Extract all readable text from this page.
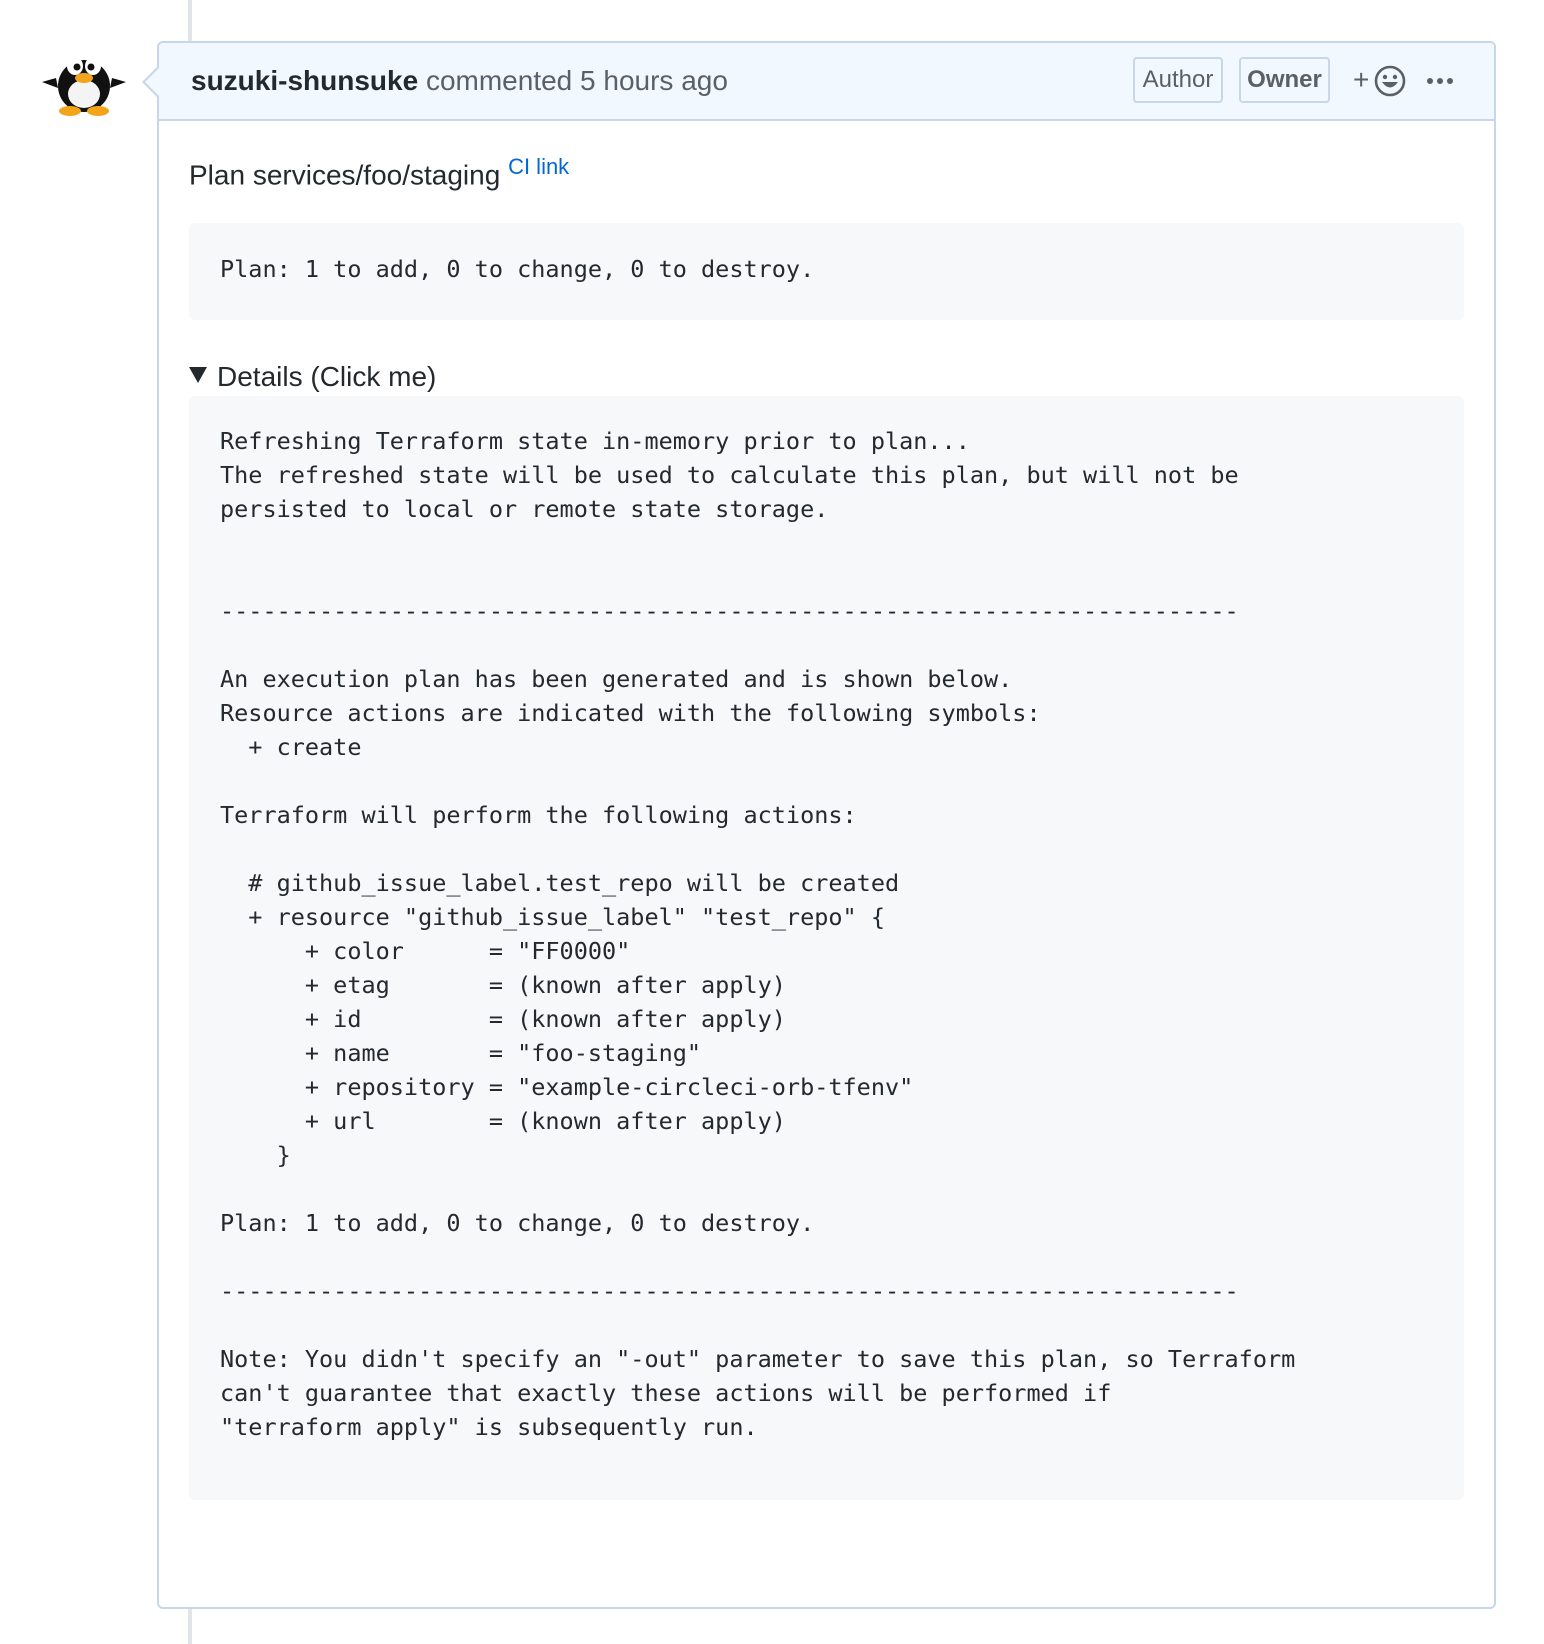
suzuki-shunsuke commented 5 hours ago	Author	Owner +
Plan services/foo/staging $^{CI link}$
Plan: 1 to add, 0 to change, 0 to destroy.
Details (Click me)
Refreshing Terraform state in-memory prior to plan...
The refreshed state will be used to calculate this plan, but will not be
persisted to local or remote state storage.

------------------------------------------------------------------------

An execution plan has been generated and is shown below.
Resource actions are indicated with the following symbols:
+ create

Terraform will perform the following actions:

# github_issue_label.test_repo will be created
+ resource "github_issue_label" "test_repo" {
+ color      = "FF0000"
+ etag       = (known after apply)
+ id         = (known after apply)
+ name       = "foo-staging"
+ repository = "example-circleci-orb-tfenv"
+ url        = (known after apply)
}

Plan: 1 to add, 0 to change, 0 to destroy.

------------------------------------------------------------------------

Note: You didn't specify an "-out" parameter to save this plan, so Terraform
can't guarantee that exactly these actions will be performed if
"terraform apply" is subsequently run.
